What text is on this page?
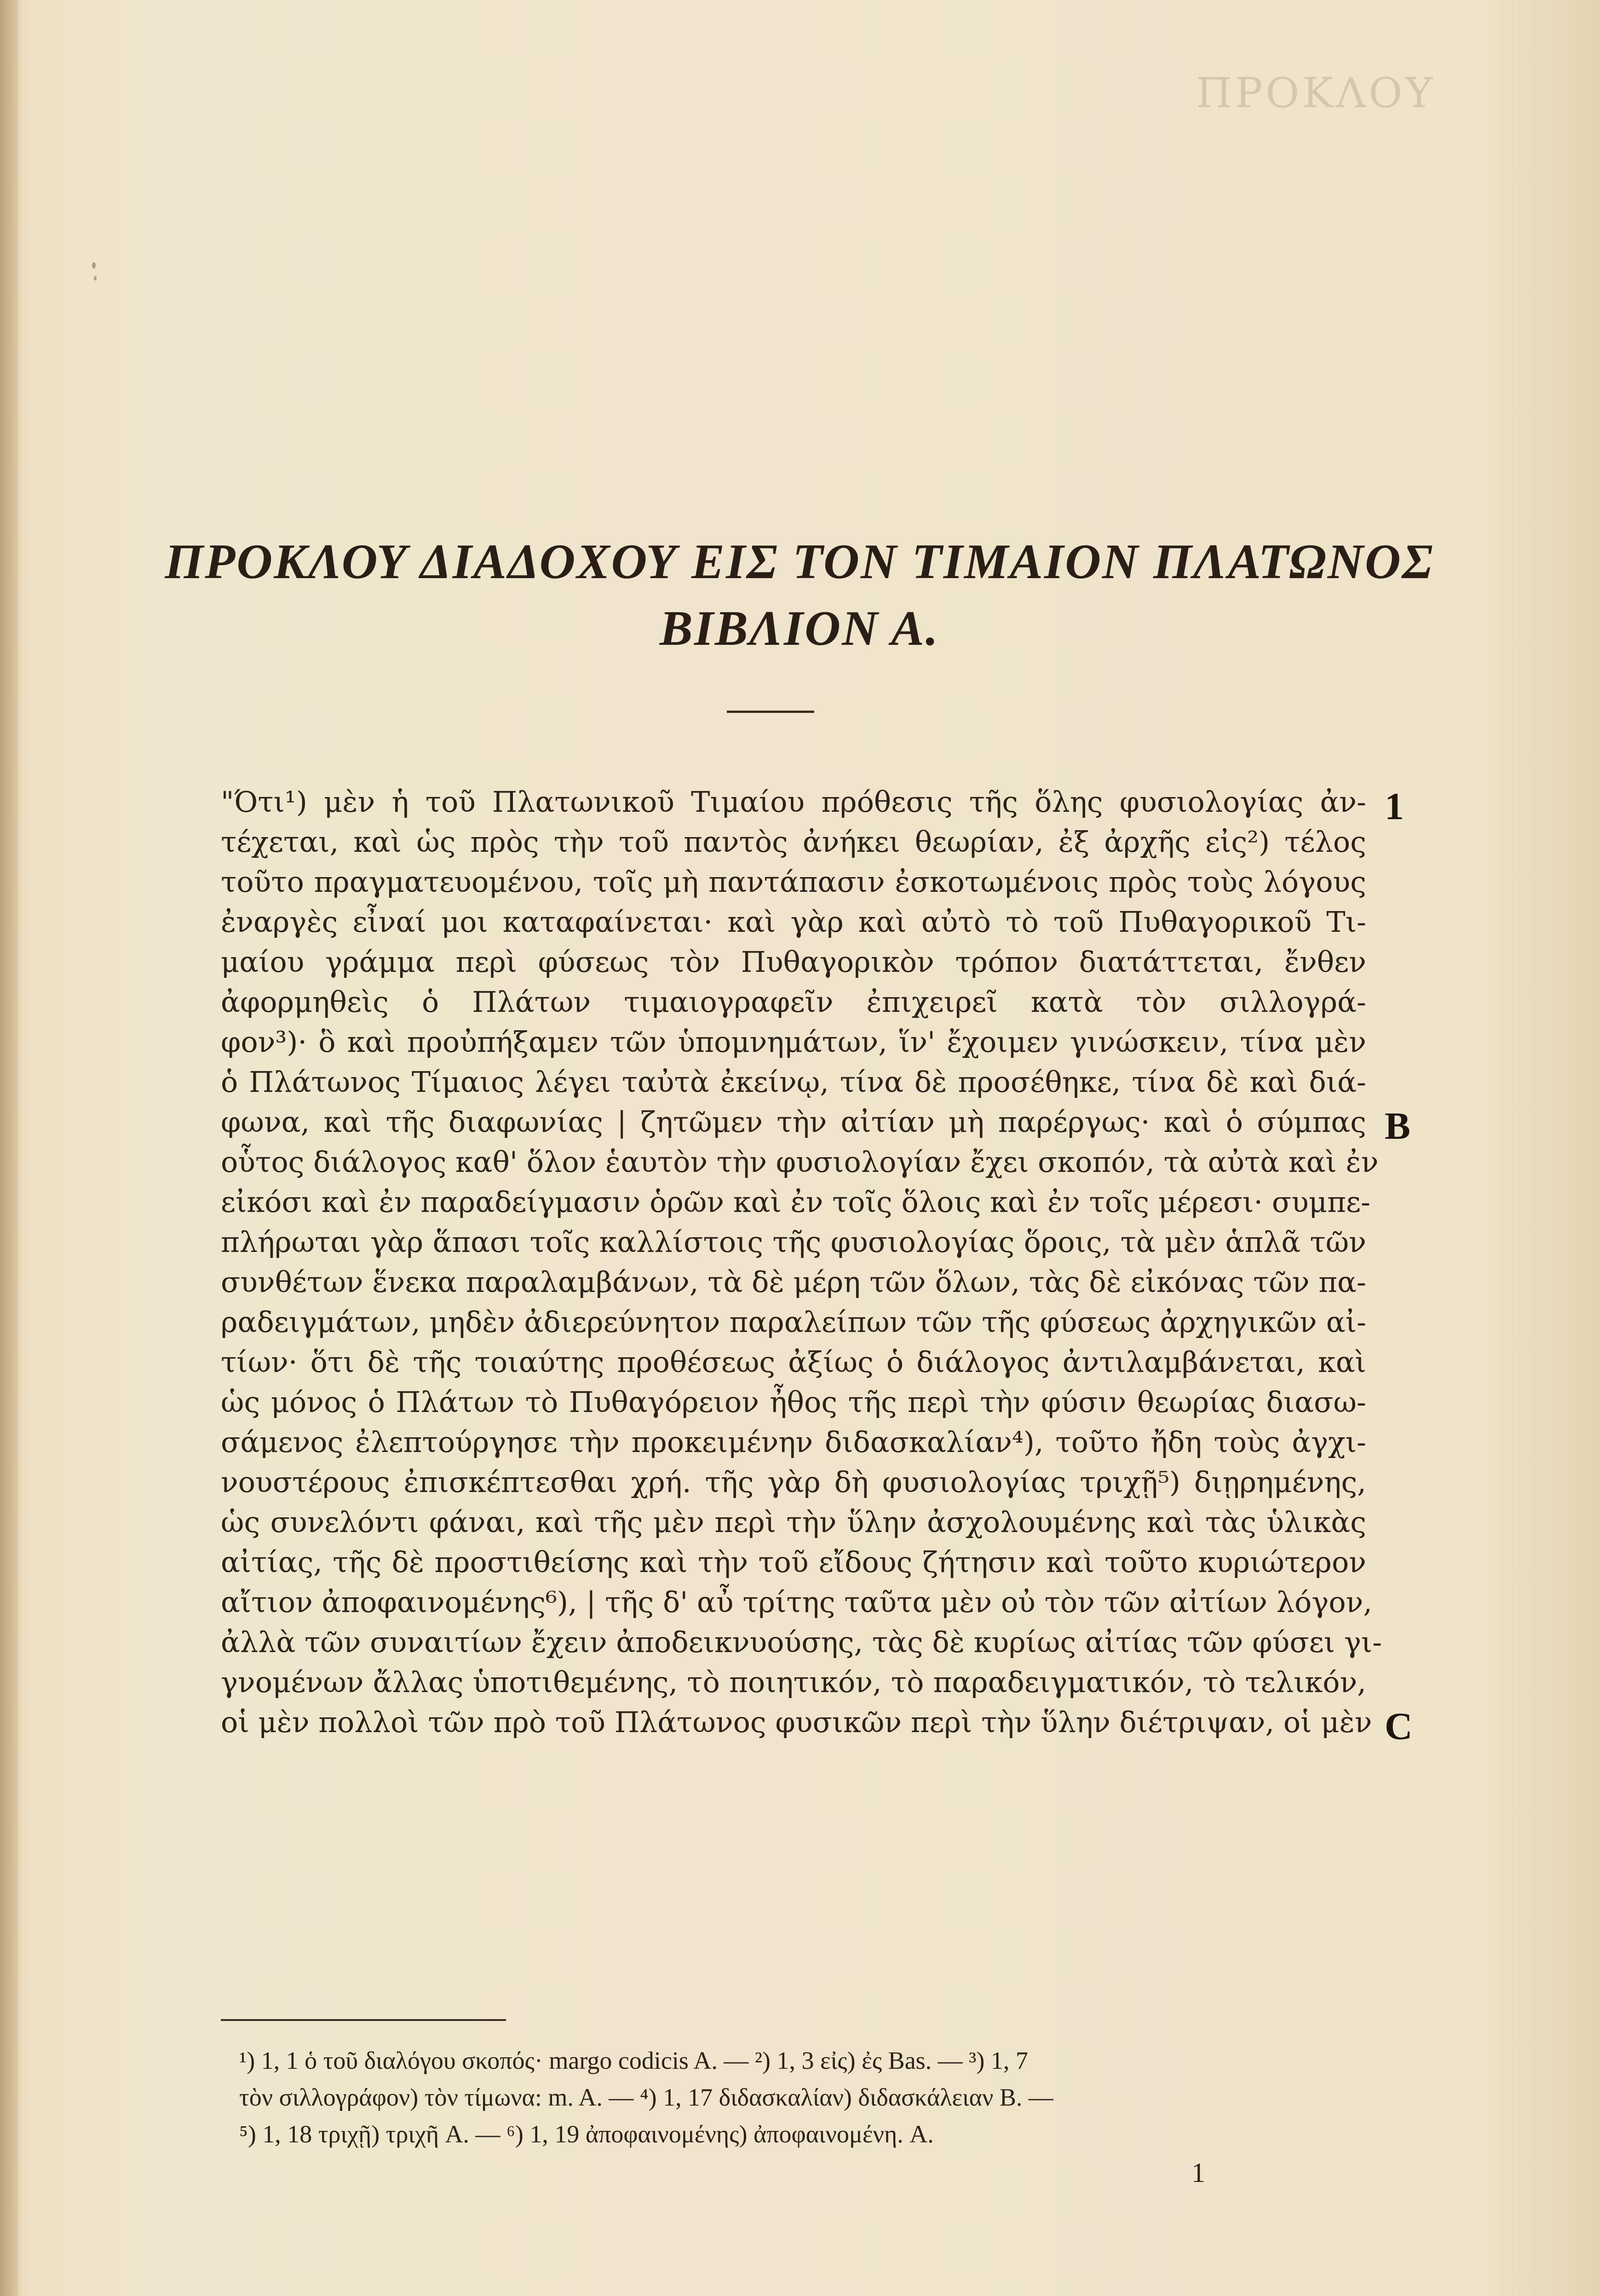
ΠΡΟΚΛΟΥ
ΠΡΟΚΛΟΥ ΔΙΑΔΟΧΟΥ ΕΙΣ ΤΟΝ ΤΙΜΑΙΟΝ ΠΛΑΤΩΝΟΣ
ΒΙΒΛΙΟΝ Α.
"Ότι¹) μὲν ἡ τοῦ Πλατωνικοῦ Τιμαίου πρόθεσις τῆς ὅλης φυσιολογίας ἀν-
τέχεται, καὶ ὡς πρὸς τὴν τοῦ παντὸς ἀνήκει θεωρίαν, ἐξ ἀρχῆς εἰς²) τέλος
τοῦτο πραγματευομένου, τοῖς μὴ παντάπασιν ἐσκοτωμένοις πρὸς τοὺς λόγους
ἐναργὲς εἶναί μοι καταφαίνεται· καὶ γὰρ καὶ αὐτὸ τὸ τοῦ Πυθαγορικοῦ Τι-
μαίου γράμμα περὶ φύσεως τὸν Πυθαγορικὸν τρόπον διατάττεται, ἔνθεν
ἀφορμηθεὶς ὁ Πλάτων τιμαιογραφεῖν ἐπιχειρεῖ κατὰ τὸν σιλλογρά-
φον³)· ὃ καὶ προὐπήξαμεν τῶν ὑπομνημάτων, ἵν' ἔχοιμεν γινώσκειν, τίνα μὲν
ὁ Πλάτωνος Τίμαιος λέγει ταὐτὰ ἐκείνῳ, τίνα δὲ προσέθηκε, τίνα δὲ καὶ διά-
φωνα, καὶ τῆς διαφωνίας | ζητῶμεν τὴν αἰτίαν μὴ παρέργως· καὶ ὁ σύμπας
οὗτος διάλογος καθ' ὅλον ἑαυτὸν τὴν φυσιολογίαν ἔχει σκοπόν, τὰ αὐτὰ καὶ ἐν
εἰκόσι καὶ ἐν παραδείγμασιν ὁρῶν καὶ ἐν τοῖς ὅλοις καὶ ἐν τοῖς μέρεσι· συμπε-
πλήρωται γὰρ ἅπασι τοῖς καλλίστοις τῆς φυσιολογίας ὅροις, τὰ μὲν ἁπλᾶ τῶν
συνθέτων ἕνεκα παραλαμβάνων, τὰ δὲ μέρη τῶν ὅλων, τὰς δὲ εἰκόνας τῶν πα-
ραδειγμάτων, μηδὲν ἀδιερεύνητον παραλείπων τῶν τῆς φύσεως ἀρχηγικῶν αἰ-
τίων· ὅτι δὲ τῆς τοιαύτης προθέσεως ἀξίως ὁ διάλογος ἀντιλαμβάνεται, καὶ
ὡς μόνος ὁ Πλάτων τὸ Πυθαγόρειον ἦθος τῆς περὶ τὴν φύσιν θεωρίας διασω-
σάμενος ἐλεπτούργησε τὴν προκειμένην διδασκαλίαν⁴), τοῦτο ἤδη τοὺς ἀγχι-
νουστέρους ἐπισκέπτεσθαι χρή. τῆς γὰρ δὴ φυσιολογίας τριχῇ⁵) διῃρημένης,
ὡς συνελόντι φάναι, καὶ τῆς μὲν περὶ τὴν ὕλην ἀσχολουμένης καὶ τὰς ὑλικὰς
αἰτίας, τῆς δὲ προστιθείσης καὶ τὴν τοῦ εἴδους ζήτησιν καὶ τοῦτο κυριώτερον
αἴτιον ἀποφαινομένης⁶), | τῆς δ' αὖ τρίτης ταῦτα μὲν οὐ τὸν τῶν αἰτίων λόγον,
ἀλλὰ τῶν συναιτίων ἔχειν ἀποδεικνυούσης, τὰς δὲ κυρίως αἰτίας τῶν φύσει γι-
γνομένων ἄλλας ὑποτιθεμένης, τὸ ποιητικόν, τὸ παραδειγματικόν, τὸ τελικόν,
οἱ μὲν πολλοὶ τῶν πρὸ τοῦ Πλάτωνος φυσικῶν περὶ τὴν ὕλην διέτριψαν, οἱ μὲν
1
B
C
¹) 1, 1 ὁ τοῦ διαλόγου σκοπός· margo codicis A. — ²) 1, 3 εἰς) ἐς Bas. — ³) 1, 7
τὸν σιλλογράφον) τὸν τίμωνα: m. A. — ⁴) 1, 17 διδασκαλίαν) διδασκάλειαν B. —
⁵) 1, 18 τριχῇ) τριχῆ A. — ⁶) 1, 19 ἀποφαινομένης) ἀποφαινομένη. A.
1
